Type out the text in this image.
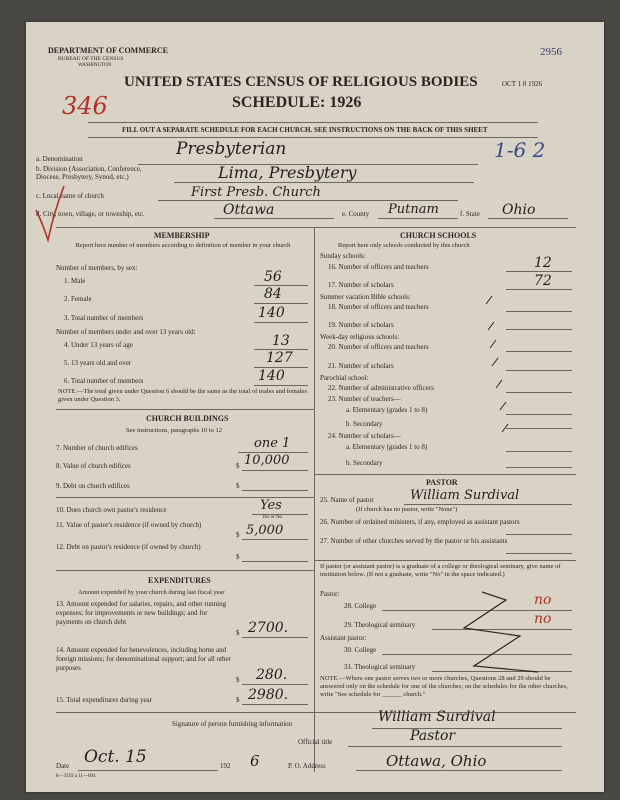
DEPARTMENT OF COMMERCE
BUREAU OF THE CENSUS
WASHINGTON
UNITED STATES CENSUS OF RELIGIOUS BODIES
SCHEDULE: 1926
OCT 1 8 1926
2956
346
1-6 2
FILL OUT A SEPARATE SCHEDULE FOR EACH CHURCH. SEE INSTRUCTIONS ON THE BACK OF THIS SHEET
a. Denomination	Presbyterian
b. Division (Association, Conference, Diocese, Presbytery, Synod, etc.)	Lima, Presbytery
c. Local name of church	First Presb. Church
d. City, town, village, or township, etc.	Ottawa	e. County Putnam	f. State Ohio
MEMBERSHIP
Report here number of members according to definition of member in your church
Number of members, by sex:
1. Male	56
2. Female	84
3. Total number of members	140
Number of members under and over 13 years old:
4. Under 13 years of age	13
5. 13 years old and over	127
6. Total number of members	140
NOTE.—The total given under Question 6 should be the same as the total of males and females given under Question 3.
CHURCH BUILDINGS
See instructions, paragraphs 10 to 12
7. Number of church edifices	one 1
8. Value of church edifices	$ 10,000
9. Debt on church edifices	$
10. Does church own pastor's residence	Yes
Yes or No
11. Value of pastor's residence (if owned by church)
$ 5,000
12. Debt on pastor's residence (if owned by church)
$
EXPENDITURES
Amount expended by your church during last fiscal year
13. Amount expended for salaries, repairs, and other running expenses; for improvements or new buildings; and for payments on church debt
$ 2700.
14. Amount expended for benevolences, including home and foreign missions; for denominational support; and for all other purposes
$ 280.
15. Total expenditures during year	$ 2980.
CHURCH SCHOOLS
Report here only schools conducted by this church
Sunday schools:
16. Number of officers and teachers	12
17. Number of scholars	72
Summer vacation Bible schools:
18. Number of officers and teachers
19. Number of scholars
Week-day religious schools:
20. Number of officers and teachers
21. Number of scholars
Parochial school:
22. Number of administrative officers
23. Number of teachers—
a. Elementary (grades 1 to 8)
b. Secondary
24. Number of scholars—
a. Elementary (grades 1 to 8)
b. Secondary
PASTOR
25. Name of pastor	William Surdival
(If church has no pastor, write "None")
26. Number of ordained ministers, if any, employed as assistant pastors
27. Number of other churches served by the pastor or his assistants
If pastor (or assistant pastor) is a graduate of a college or theological seminary, give name of institution below. (If not a graduate, write "No" in the space indicated.)
Pastor:
28. College	no
29. Theological seminary	no
Assistant pastor:
30. College
31. Theological seminary
NOTE.—Where one pastor serves two or more churches, Questions 28 and 29 should be answered only on the schedule for one of the churches; on the schedules for the other churches, write "See schedule for ______ church."
Signature of person furnishing information	William Surdival
Official title	Pastor
Date Oct. 15	192 6	P. O. Address	Ottawa, Ohio
8—3519 a 11—604
